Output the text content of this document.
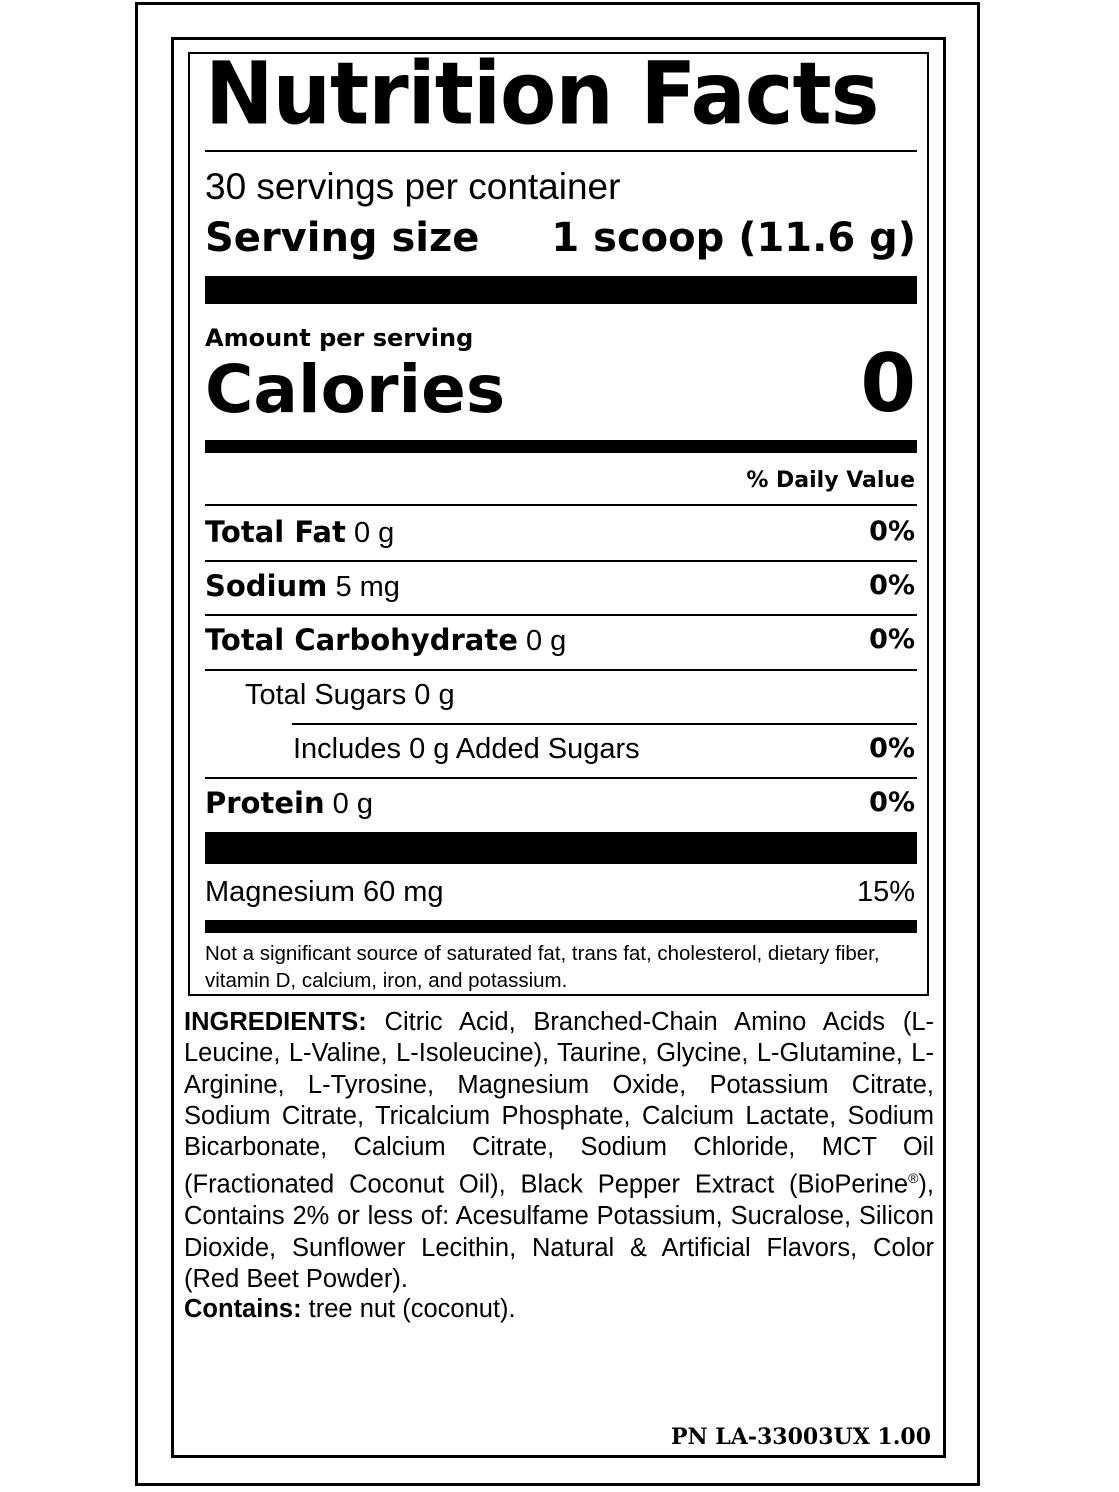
Nutrition Facts
30 servings per container
Serving size 1 scoop (11.6 g)
Amount per serving
Calories	0
% Daily Value
Total Fat 0 g	0%
Sodium 5 mg	0%
Total Carbohydrate 0 g	0%
Total Sugars 0 g
Includes 0 g Added Sugars	0%
Protein 0 g	0%
Magnesium 60 mg	15%
Not a significant source of saturated fat, trans fat, cholesterol, dietary fiber, vitamin D, calcium, iron, and potassium.
INGREDIENTS: Citric Acid, Branched-Chain Amino Acids (L-Leucine, L-Valine, L-Isoleucine), Taurine, Glycine, L-Glutamine, L-Arginine, L-Tyrosine, Magnesium Oxide, Potassium Citrate, Sodium Citrate, Tricalcium Phosphate, Calcium Lactate, Sodium Bicarbonate, Calcium Citrate, Sodium Chloride, MCT Oil (Fractionated Coconut Oil), Black Pepper Extract (BioPerine®), Contains 2% or less of: Acesulfame Potassium, Sucralose, Silicon Dioxide, Sunflower Lecithin, Natural & Artificial Flavors, Color (Red Beet Powder).
Contains: tree nut (coconut).
PN LA-33003UX 1.00
